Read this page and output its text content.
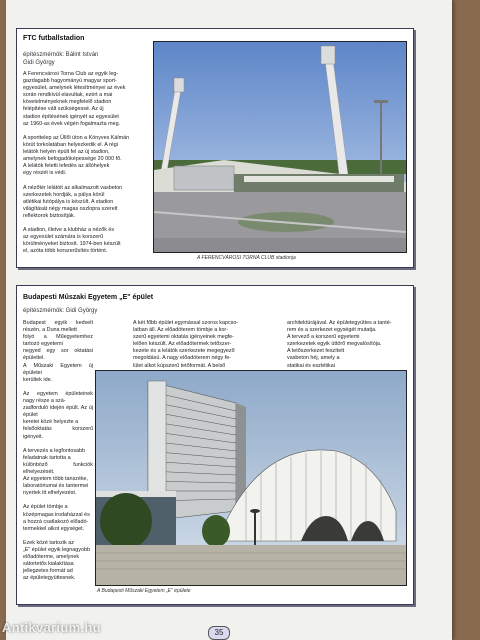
FTC futballstadion
építészmérnök: Bálint István
Gidi György
A Ferencvárosi Torna Club az egyik leg-
gazdagabb hagyományú magyar sport-
egyesület, amelynek létesítményei az évek
során rendkívül elavultak, ezért a mai
követelményeknek megfelelő stadion
felépítése vált szükségessé. Az új
stadion építésének igényét az egyesület
az 1960-as évek végén fogalmazta meg.

A sporttelep az Üllői úton a Könyves Kálmán
körút torkolatában helyezkedik el. A régi
lelátók helyén épült fel az új stadion,
amelynek befogadóképessége 20 000 fő.
A lelátók feletti lefedés az állóhelyek
egy részét is védi.

A nézőtér lelátóit az alkalmazott vasbeton
szerkezetek hordják, a pálya körül
atlétikai futópálya is készült. A stadion
világítását négy magas oszlopra szerelt
reflektorok biztosítják.

A stadion, illetve a klubház a nézők és
az egyesület számára is korszerű
körülményeket biztosít. 1974-ben készült
el, azóta több korszerűsítés történt.
A FERENCVÁROSI TORNA CLUB stadionja
Budapesti Műszaki Egyetem „E" épület
építészmérnök: Gidi György
Budapest egyik kedvelt részén, a Duna mellett
folyó a Műegyetemhez tartozó egyetemi
negyed egy sor oktatási épülettel.
A Műszaki Egyetem új épületei
kerültek ide.

Az egyetem épületeinek nagy része a szá-
zadforduló idején épült. Az új épület
keretei közé helyezte a
felsőoktatás korszerű igényeit.

A tervezés a legfontosabb
feladatnak tartotta a
különböző funkciók elhelyezését.
Az egyetem több tanszéke,
laboratóriumai és tantermei
nyertek itt elhelyezést.

Az épület tömbje a
középmagas irodaházzal és
a hozzá csatlakozó előadó-
termekkel alkot egységet.

Ezek közé tartozik az
„E" épület egyik legnagyobb
előadóterme, amelynek
sátortetős kialakítása
jellegzetes formát ad
az épületegyüttesnek.

A két főbb épület egymással szoros kapcso-
latban áll. Az előadóterem tömbje a kor-
szerű egyetemi oktatás igényeinek megfe-
lelően készült. Az előadótermek tetőszer-
kezete és a lelátók szerkezete megegyező
megoldású. A nagy előadóterem négy fe-
lület alkot kúpszerű tetőformát. A belső

architektúrájával. Az épületegyüttes a tanté-
rem és a szerkezet egységét mutatja.
A tervező a korszerű egyetemi
szerkezetek egyik úttörő megvalósítója.
A tetőszerkezet feszített
vasbeton héj, amely a
statikai és esztétikai

A Budapesti Műszaki Egyetem „E" épülete
35
Antikvarium.hu
